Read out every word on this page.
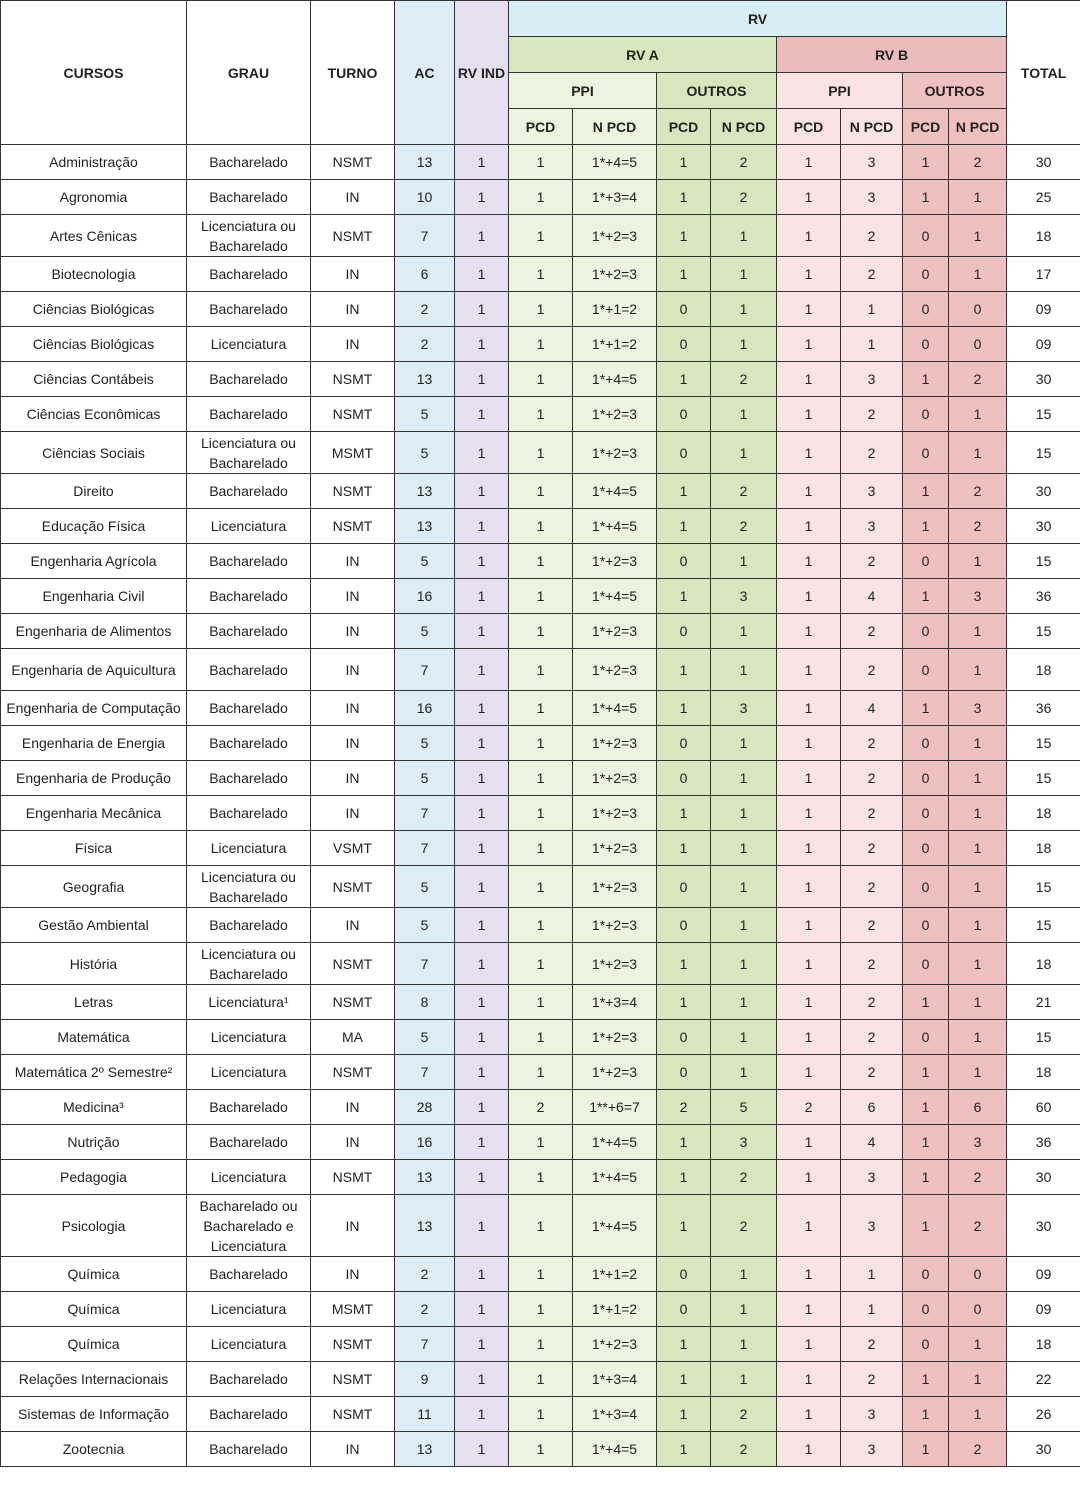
CURSOS	GRAU	TURNO	AC	RV IND	RV								TOTAL
					RV A				RV B				
					PPI		OUTROS		PPI		OUTROS		
					PCD	N PCD	PCD	N PCD	PCD	N PCD	PCD	N PCD	
Administração	Bacharelado	NSMT	13	1	1	1*+4=5	1	2	1	3	1	2	30
Agronomia	Bacharelado	IN	10	1	1	1*+3=4	1	2	1	3	1	1	25
Artes Cênicas	Licenciatura ou Bacharelado	NSMT	7	1	1	1*+2=3	1	1	1	2	0	1	18
Biotecnologia	Bacharelado	IN	6	1	1	1*+2=3	1	1	1	2	0	1	17
Ciências Biológicas	Bacharelado	IN	2	1	1	1*+1=2	0	1	1	1	0	0	09
Ciências Biológicas	Licenciatura	IN	2	1	1	1*+1=2	0	1	1	1	0	0	09
Ciências Contábeis	Bacharelado	NSMT	13	1	1	1*+4=5	1	2	1	3	1	2	30
Ciências Econômicas	Bacharelado	NSMT	5	1	1	1*+2=3	0	1	1	2	0	1	15
Ciências Sociais	Licenciatura ou Bacharelado	MSMT	5	1	1	1*+2=3	0	1	1	2	0	1	15
Direito	Bacharelado	NSMT	13	1	1	1*+4=5	1	2	1	3	1	2	30
Educação Física	Licenciatura	NSMT	13	1	1	1*+4=5	1	2	1	3	1	2	30
Engenharia Agrícola	Bacharelado	IN	5	1	1	1*+2=3	0	1	1	2	0	1	15
Engenharia Civil	Bacharelado	IN	16	1	1	1*+4=5	1	3	1	4	1	3	36
Engenharia de Alimentos	Bacharelado	IN	5	1	1	1*+2=3	0	1	1	2	0	1	15
Engenharia de Aquicultura	Bacharelado	IN	7	1	1	1*+2=3	1	1	1	2	0	1	18
Engenharia de Computação	Bacharelado	IN	16	1	1	1*+4=5	1	3	1	4	1	3	36
Engenharia de Energia	Bacharelado	IN	5	1	1	1*+2=3	0	1	1	2	0	1	15
Engenharia de Produção	Bacharelado	IN	5	1	1	1*+2=3	0	1	1	2	0	1	15
Engenharia Mecânica	Bacharelado	IN	7	1	1	1*+2=3	1	1	1	2	0	1	18
Física	Licenciatura	VSMT	7	1	1	1*+2=3	1	1	1	2	0	1	18
Geografia	Licenciatura ou Bacharelado	NSMT	5	1	1	1*+2=3	0	1	1	2	0	1	15
Gestão Ambiental	Bacharelado	IN	5	1	1	1*+2=3	0	1	1	2	0	1	15
História	Licenciatura ou Bacharelado	NSMT	7	1	1	1*+2=3	1	1	1	2	0	1	18
Letras	Licenciatura¹	NSMT	8	1	1	1*+3=4	1	1	1	2	1	1	21
Matemática	Licenciatura	MA	5	1	1	1*+2=3	0	1	1	2	0	1	15
Matemática 2º Semestre²	Licenciatura	NSMT	7	1	1	1*+2=3	0	1	1	2	1	1	18
Medicina³	Bacharelado	IN	28	1	2	1**+6=7	2	5	2	6	1	6	60
Nutrição	Bacharelado	IN	16	1	1	1*+4=5	1	3	1	4	1	3	36
Pedagogia	Licenciatura	NSMT	13	1	1	1*+4=5	1	2	1	3	1	2	30
Psicologia	Bacharelado ou Bacharelado e Licenciatura	IN	13	1	1	1*+4=5	1	2	1	3	1	2	30
Química	Bacharelado	IN	2	1	1	1*+1=2	0	1	1	1	0	0	09
Química	Licenciatura	MSMT	2	1	1	1*+1=2	0	1	1	1	0	0	09
Química	Licenciatura	NSMT	7	1	1	1*+2=3	1	1	1	2	0	1	18
Relações Internacionais	Bacharelado	NSMT	9	1	1	1*+3=4	1	1	1	2	1	1	22
Sistemas de Informação	Bacharelado	NSMT	11	1	1	1*+3=4	1	2	1	3	1	1	26
Zootecnia	Bacharelado	IN	13	1	1	1*+4=5	1	2	1	3	1	2	30
